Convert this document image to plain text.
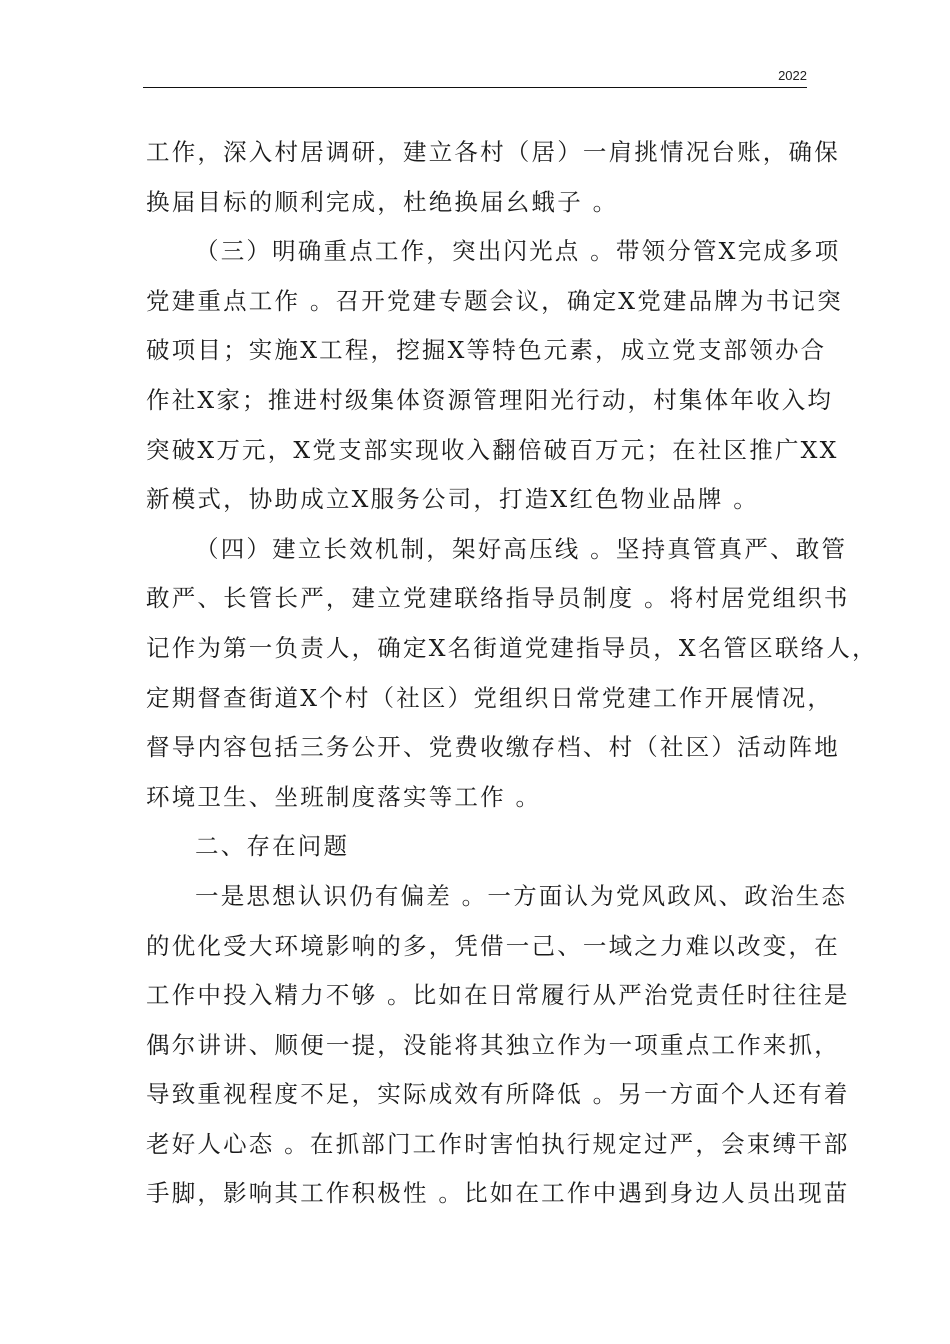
2022
工作，深入村居调研，建立各村（居）一肩挑情况台账，确保
换届目标的顺利完成，杜绝换届幺蛾子 。
（三）明确重点工作，突出闪光点 。带领分管X完成多项
党建重点工作 。召开党建专题会议，确定X党建品牌为书记突
破项目；实施X工程，挖掘X等特色元素，成立党支部领办合
作社X家；推进村级集体资源管理阳光行动，村集体年收入均
突破X万元，X党支部实现收入翻倍破百万元；在社区推广XX
新模式，协助成立X服务公司，打造X红色物业品牌 。
（四）建立长效机制，架好高压线 。坚持真管真严、敢管
敢严、长管长严，建立党建联络指导员制度 。将村居党组织书
记作为第一负责人，确定X名街道党建指导员，X名管区联络人，
定期督查街道X个村（社区）党组织日常党建工作开展情况，
督导内容包括三务公开、党费收缴存档、村（社区）活动阵地
环境卫生、坐班制度落实等工作 。
二、存在问题
一是思想认识仍有偏差 。一方面认为党风政风、政治生态
的优化受大环境影响的多，凭借一己、一域之力难以改变，在
工作中投入精力不够 。比如在日常履行从严治党责任时往往是
偶尔讲讲、顺便一提，没能将其独立作为一项重点工作来抓，
导致重视程度不足，实际成效有所降低 。另一方面个人还有着
老好人心态 。在抓部门工作时害怕执行规定过严，会束缚干部
手脚，影响其工作积极性 。比如在工作中遇到身边人员出现苗
